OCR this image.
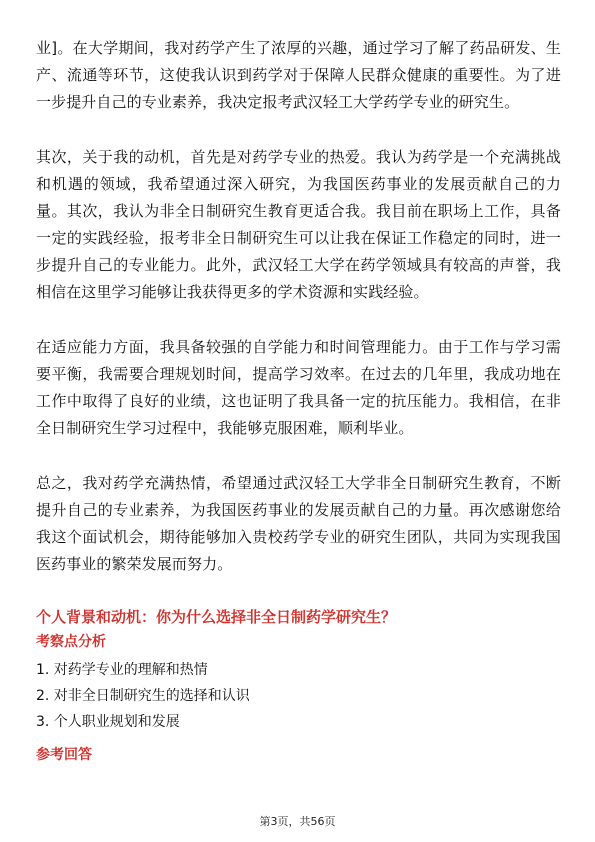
业]。在大学期间，我对药学产生了浓厚的兴趣，通过学习了解了药品研发、生产、流通等环节，这使我认识到药学对于保障人民群众健康的重要性。为了进一步提升自己的专业素养，我决定报考武汉轻工大学药学专业的研究生。

其次，关于我的动机，首先是对药学专业的热爱。我认为药学是一个充满挑战和机遇的领域，我希望通过深入研究，为我国医药事业的发展贡献自己的力量。其次，我认为非全日制研究生教育更适合我。我目前在职场上工作，具备一定的实践经验，报考非全日制研究生可以让我在保证工作稳定的同时，进一步提升自己的专业能力。此外，武汉轻工大学在药学领域具有较高的声誉，我相信在这里学习能够让我获得更多的学术资源和实践经验。

在适应能力方面，我具备较强的自学能力和时间管理能力。由于工作与学习需要平衡，我需要合理规划时间，提高学习效率。在过去的几年里，我成功地在工作中取得了良好的业绩，这也证明了我具备一定的抗压能力。我相信，在非全日制研究生学习过程中，我能够克服困难，顺利毕业。

总之，我对药学充满热情，希望通过武汉轻工大学非全日制研究生教育，不断提升自己的专业素养，为我国医药事业的发展贡献自己的力量。再次感谢您给我这个面试机会，期待能够加入贵校药学专业的研究生团队，共同为实现我国医药事业的繁荣发展而努力。

个人背景和动机：你为什么选择非全日制药学研究生？
考察点分析
1. 对药学专业的理解和热情
2. 对非全日制研究生的选择和认识
3. 个人职业规划和发展
参考回答
第3页，共56页
